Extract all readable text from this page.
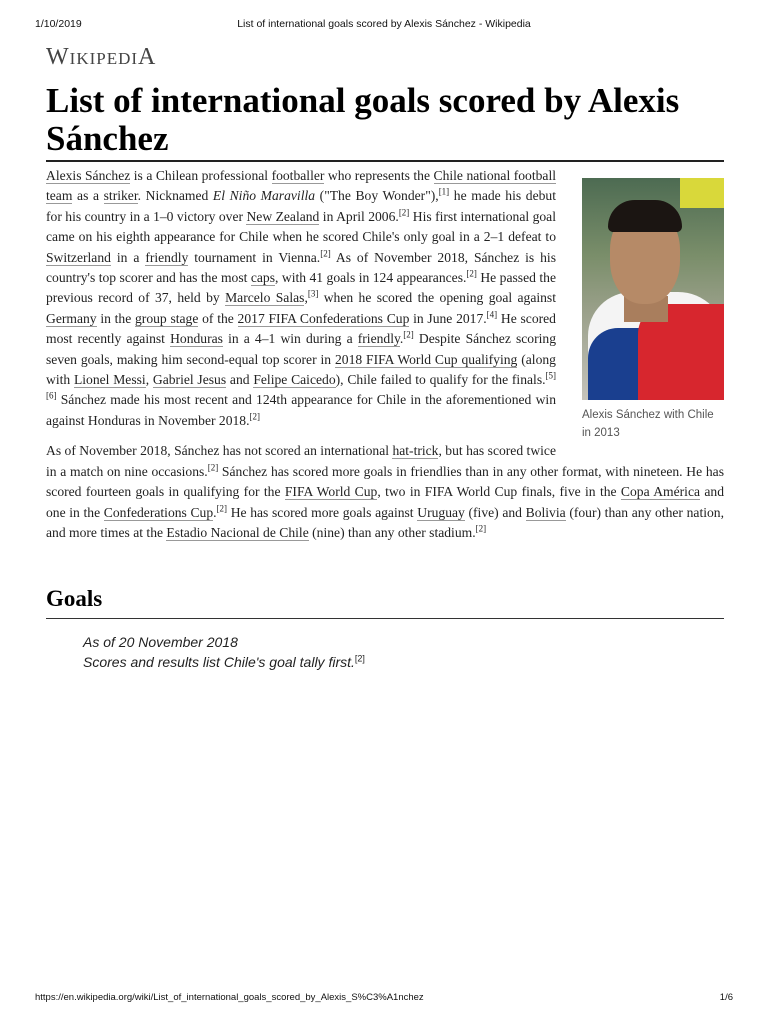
1/10/2019	List of international goals scored by Alexis Sánchez - Wikipedia
WIKIPEDIA
List of international goals scored by Alexis Sánchez
Alexis Sánchez with Chile in 2013

Alexis Sánchez is a Chilean professional footballer who represents the Chile national football team as a striker. Nicknamed El Niño Maravilla ("The Boy Wonder"),[1] he made his debut for his country in a 1–0 victory over New Zealand in April 2006.[2] His first international goal came on his eighth appearance for Chile when he scored Chile's only goal in a 2–1 defeat to Switzerland in a friendly tournament in Vienna.[2] As of November 2018, Sánchez is his country's top scorer and has the most caps, with 41 goals in 124 appearances.[2] He passed the previous record of 37, held by Marcelo Salas,[3] when he scored the opening goal against Germany in the group stage of the 2017 FIFA Confederations Cup in June 2017.[4] He scored most recently against Honduras in a 4–1 win during a friendly.[2] Despite Sánchez scoring seven goals, making him second-equal top scorer in 2018 FIFA World Cup qualifying (along with Lionel Messi, Gabriel Jesus and Felipe Caicedo), Chile failed to qualify for the finals.[5][6] Sánchez made his most recent and 124th appearance for Chile in the aforementioned win against Honduras in November 2018.[2]

As of November 2018, Sánchez has not scored an international hat-trick, but has scored twice in a match on nine occasions.[2] Sánchez has scored more goals in friendlies than in any other format, with nineteen. He has scored fourteen goals in qualifying for the FIFA World Cup, two in FIFA World Cup finals, five in the Copa América and one in the Confederations Cup.[2] He has scored more goals against Uruguay (five) and Bolivia (four) than any other nation, and more times at the Estadio Nacional de Chile (nine) than any other stadium.[2]

Goals
As of 20 November 2018
Scores and results list Chile's goal tally first.[2]
https://en.wikipedia.org/wiki/List_of_international_goals_scored_by_Alexis_S%C3%A1nchez	1/6
